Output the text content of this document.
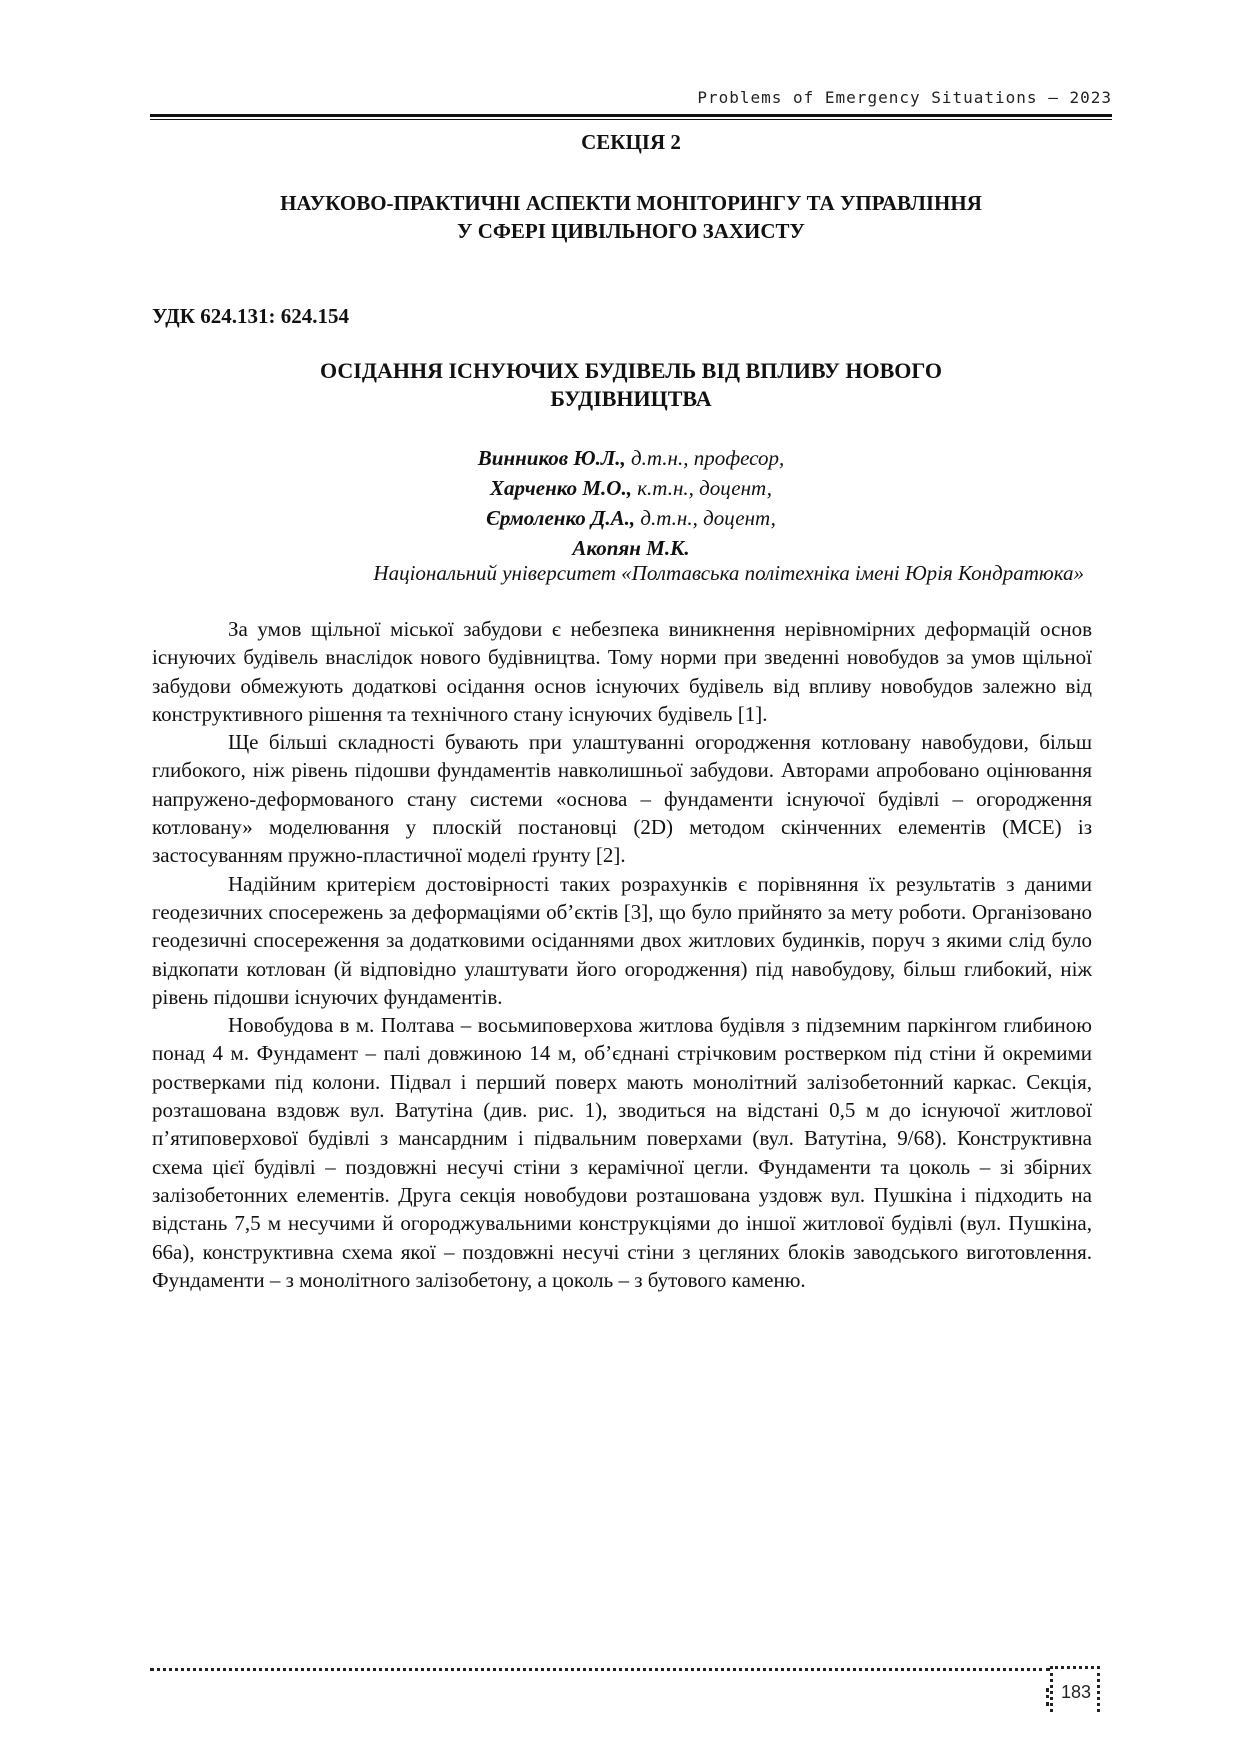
Problems of Emergency Situations – 2023
СЕКЦІЯ 2
НАУКОВО-ПРАКТИЧНІ АСПЕКТИ МОНІТОРИНГУ ТА УПРАВЛІННЯ
У СФЕРІ ЦИВІЛЬНОГО ЗАХИСТУ
УДК 624.131: 624.154
ОСІДАННЯ ІСНУЮЧИХ БУДІВЕЛЬ ВІД ВПЛИВУ НОВОГО
БУДІВНИЦТВА
Винников Ю.Л., д.т.н., професор,
Харченко М.О., к.т.н., доцент,
Єрмоленко Д.А., д.т.н., доцент,
Акопян М.К.
Національний університет «Полтавська політехніка імені Юрія Кондратюка»

За умов щільної міської забудови є небезпека виникнення нерівномірних деформацій основ існуючих будівель внаслідок нового будівництва. Тому норми при зведенні новобудов за умов щільної забудови обмежують додаткові осідання основ існуючих будівель від впливу новобудов залежно від конструктивного рішення та технічного стану існуючих будівель [1].

Ще більші складності бувають при улаштуванні огородження котловану навобудови, більш глибокого, ніж рівень підошви фундаментів навколишньої забудови. Авторами апробовано оцінювання напружено-деформованого стану системи «основа – фундаменти існуючої будівлі – огородження котловану» моделювання у плоскій постановці (2D) методом скінченних елементів (МСЕ) із застосуванням пружно-пластичної моделі ґрунту [2].

Надійним критерієм достовірності таких розрахунків є порівняння їх результатів з даними геодезичних спосережень за деформаціями об’єктів [3], що було прийнято за мету роботи. Організовано геодезичні спосереження за додатковими осіданнями двох житлових будинків, поруч з якими слід було відкопати котлован (й відповідно улаштувати його огородження) під навобудову, більш глибокий, ніж рівень підошви існуючих фундаментів.

Новобудова в м. Полтава – восьмиповерхова житлова будівля з підземним паркінгом глибиною понад 4 м. Фундамент – палі довжиною 14 м, об’єднані стрічковим ростверком під стіни й окремими ростверками під колони. Підвал і перший поверх мають монолітний залізобетонний каркас. Секція, розташована вздовж вул. Ватутіна (див. рис. 1), зводиться на відстані 0,5 м до існуючої житлової п’ятиповерхової будівлі з мансардним і підвальним поверхами (вул. Ватутіна, 9/68). Конструктивна схема цієї будівлі – поздовжні несучі стіни з керамічної цегли. Фундаменти та цоколь – зі збірних залізобетонних елементів. Друга секція новобудови розташована уздовж вул. Пушкіна і підходить на відстань 7,5 м несучими й огороджувальними конструкціями до іншої житлової будівлі (вул. Пушкіна, 66а), конструктивна схема якої – поздовжні несучі стіни з цегляних блоків заводського виготовлення. Фундаменти – з монолітного залізобетону, а цоколь – з бутового каменю.

183
